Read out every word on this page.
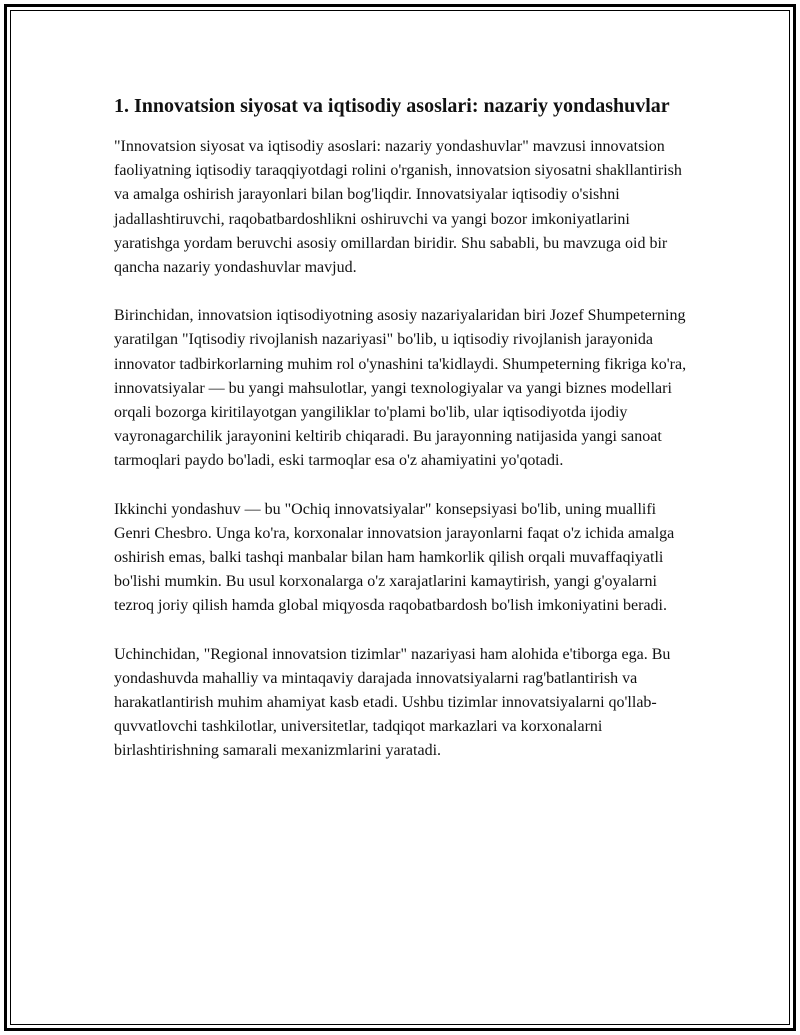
1. Innovatsion siyosat va iqtisodiy asoslari: nazariy yondashuvlar

"Innovatsion siyosat va iqtisodiy asoslari: nazariy yondashuvlar" mavzusi innovatsion faoliyatning iqtisodiy taraqqiyotdagi rolini o'rganish, innovatsion siyosatni shakllantirish va amalga oshirish jarayonlari bilan bog'liqdir. Innovatsiyalar iqtisodiy o'sishni jadallashtiruvchi, raqobatbardoshlikni oshiruvchi va yangi bozor imkoniyatlarini yaratishga yordam beruvchi asosiy omillardan biridir. Shu sababli, bu mavzuga oid bir qancha nazariy yondashuvlar mavjud.

Birinchidan, innovatsion iqtisodiyotning asosiy nazariyalaridan biri Jozef Shumpeterning yaratilgan "Iqtisodiy rivojlanish nazariyasi" bo'lib, u iqtisodiy rivojlanish jarayonida innovator tadbirkorlarning muhim rol o'ynashini ta'kidlaydi. Shumpeterning fikriga ko'ra, innovatsiyalar — bu yangi mahsulotlar, yangi texnologiyalar va yangi biznes modellari orqali bozorga kiritilayotgan yangiliklar to'plami bo'lib, ular iqtisodiyotda ijodiy vayronagarchilik jarayonini keltirib chiqaradi. Bu jarayonning natijasida yangi sanoat tarmoqlari paydo bo'ladi, eski tarmoqlar esa o'z ahamiyatini yo'qotadi.

Ikkinchi yondashuv — bu "Ochiq innovatsiyalar" konsepsiyasi bo'lib, uning muallifi Genri Chesbro. Unga ko'ra, korxonalar innovatsion jarayonlarni faqat o'z ichida amalga oshirish emas, balki tashqi manbalar bilan ham hamkorlik qilish orqali muvaffaqiyatli bo'lishi mumkin. Bu usul korxonalarga o'z xarajatlarini kamaytirish, yangi g'oyalarni tezroq joriy qilish hamda global miqyosda raqobatbardosh bo'lish imkoniyatini beradi.

Uchinchidan, "Regional innovatsion tizimlar" nazariyasi ham alohida e'tiborga ega. Bu yondashuvda mahalliy va mintaqaviy darajada innovatsiyalarni rag'batlantirish va harakatlantirish muhim ahamiyat kasb etadi. Ushbu tizimlar innovatsiyalarni qo'llab-quvvatlovchi tashkilotlar, universitetlar, tadqiqot markazlari va korxonalarni birlashtirishning samarali mexanizmlarini yaratadi.
